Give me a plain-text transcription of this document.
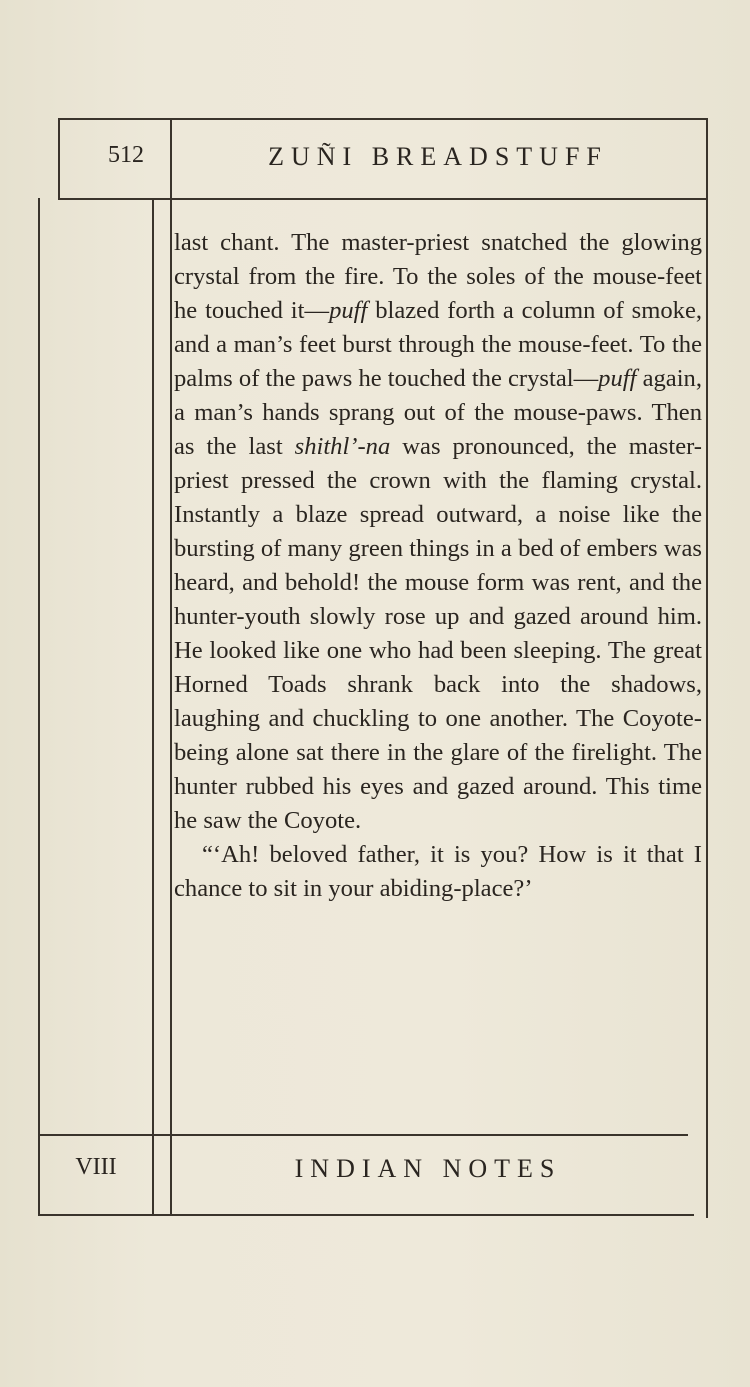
512	ZUÑI BREADSTUFF

last chant. The master-priest snatched the glowing crystal from the fire. To the soles of the mouse-feet he touched it—puff blazed forth a column of smoke, and a man’s feet burst through the mouse-feet. To the palms of the paws he touched the crystal—puff again, a man’s hands sprang out of the mouse-paws. Then as the last shithl’-na was pronounced, the master-priest pressed the crown with the flaming crystal. Instantly a blaze spread outward, a noise like the bursting of many green things in a bed of embers was heard, and behold! the mouse form was rent, and the hunter-youth slowly rose up and gazed around him. He looked like one who had been sleeping. The great Horned Toads shrank back into the shadows, laughing and chuckling to one another. The Coyote-being alone sat there in the glare of the firelight. The hunter rubbed his eyes and gazed around. This time he saw the Coyote.

“‘Ah! beloved father, it is you? How is it that I chance to sit in your abiding-place?’

VIII	INDIAN NOTES
